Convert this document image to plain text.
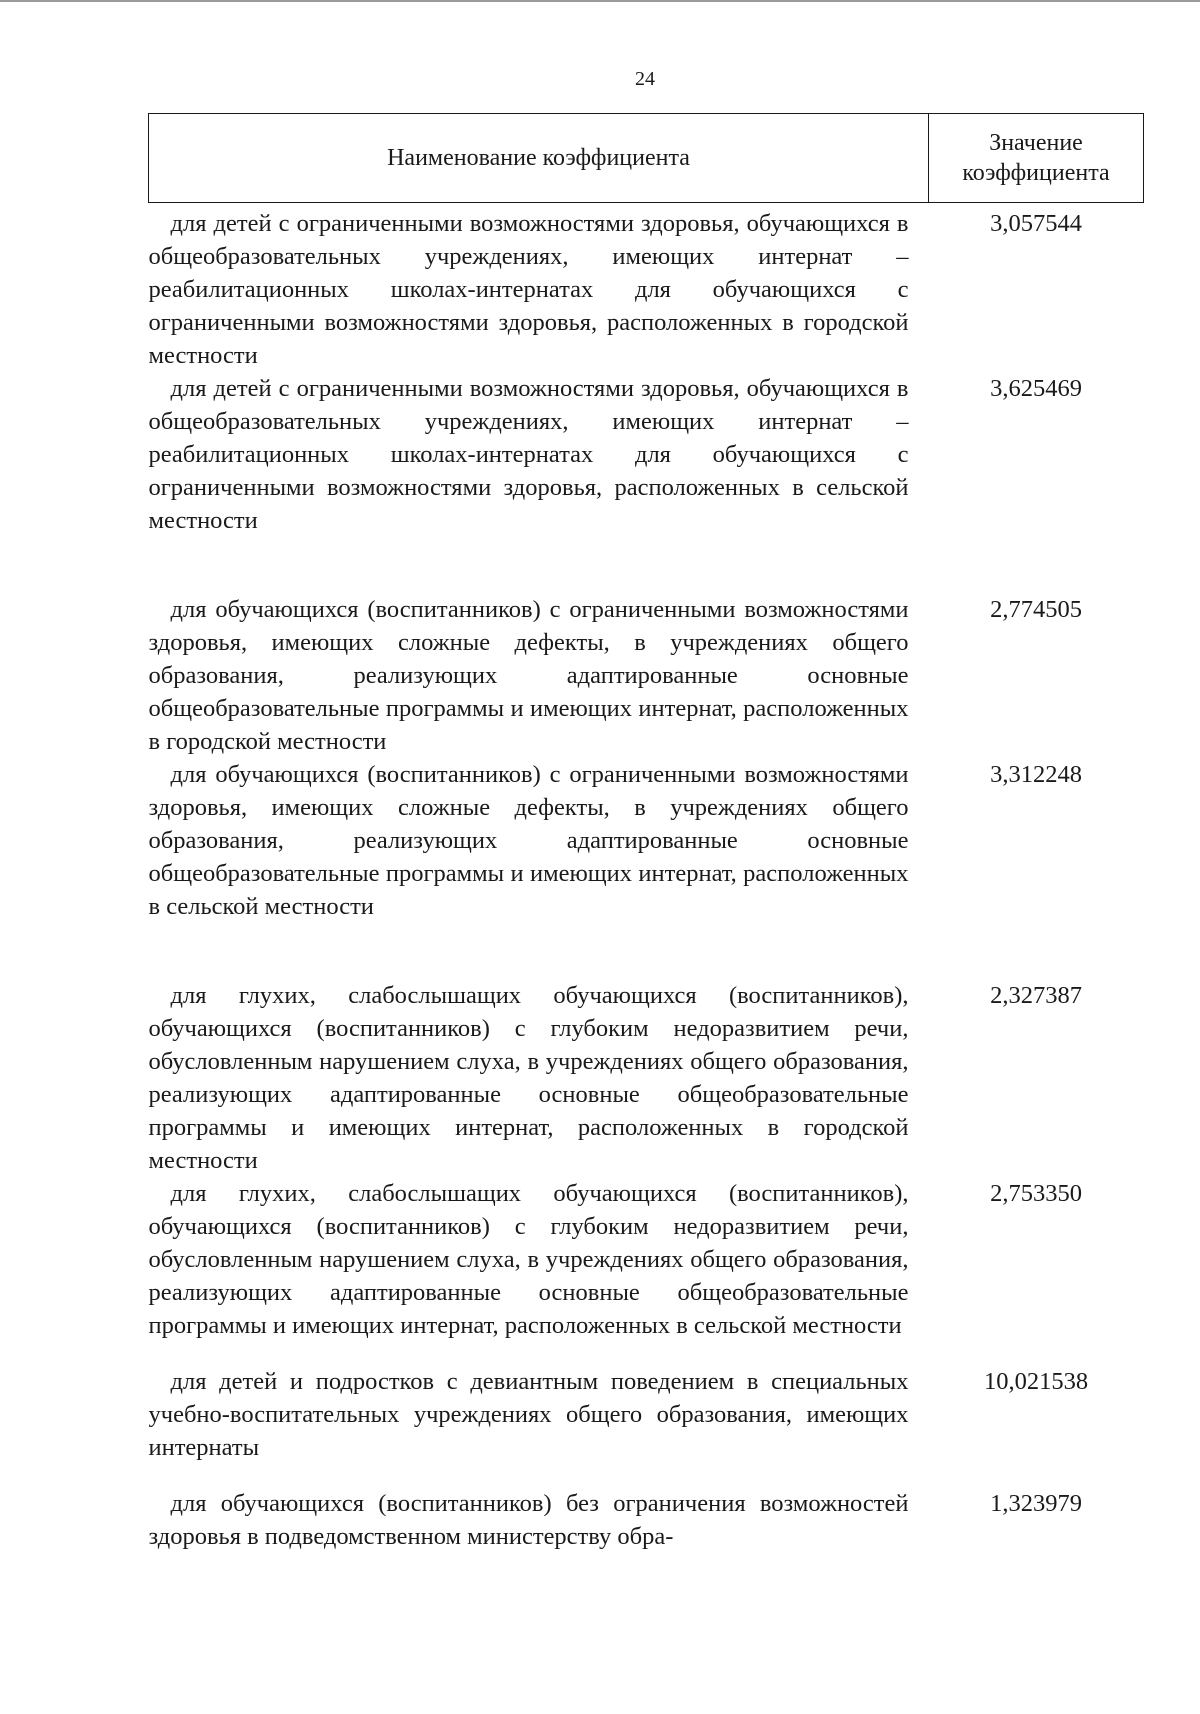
24
Наименование коэффициента	Значение
коэффициента
для детей с ограниченными возможностями здоровья, обучающихся в общеобразовательных учреждениях, имеющих интернат – реабилитационных школах-интернатах для обучающихся с ограниченными возможностями здоровья, расположенных в городской местности	3,057544
для детей с ограниченными возможностями здоровья, обучающихся в общеобразовательных учреждениях, имеющих интернат – реабилитационных школах-интернатах для обучающихся с ограниченными возможностями здоровья, расположенных в сельской местности	3,625469

для обучающихся (воспитанников) с ограниченными возможностями здоровья, имеющих сложные дефекты, в учреждениях общего образования, реализующих адаптированные основные общеобразовательные программы и имеющих интернат, расположенных в городской местности	2,774505
для обучающихся (воспитанников) с ограниченными возможностями здоровья, имеющих сложные дефекты, в учреждениях общего образования, реализующих адаптированные основные общеобразовательные программы и имеющих интернат, расположенных в сельской местности	3,312248

для глухих, слабослышащих обучающихся (воспитанников), обучающихся (воспитанников) с глубоким недоразвитием речи, обусловленным нарушением слуха, в учреждениях общего образования, реализующих адаптированные основные общеобразовательные программы и имеющих интернат, расположенных в городской местности	2,327387
для глухих, слабослышащих обучающихся (воспитанников), обучающихся (воспитанников) с глубоким недоразвитием речи, обусловленным нарушением слуха, в учреждениях общего образования, реализующих адаптированные основные общеобразовательные программы и имеющих интернат, расположенных в сельской местности	2,753350

для детей и подростков с девиантным поведением в специальных учебно-воспитательных учреждениях общего образования, имеющих интернаты	10,021538

для обучающихся (воспитанников) без ограничения возможностей здоровья в подведомственном министерству обра-	1,323979
